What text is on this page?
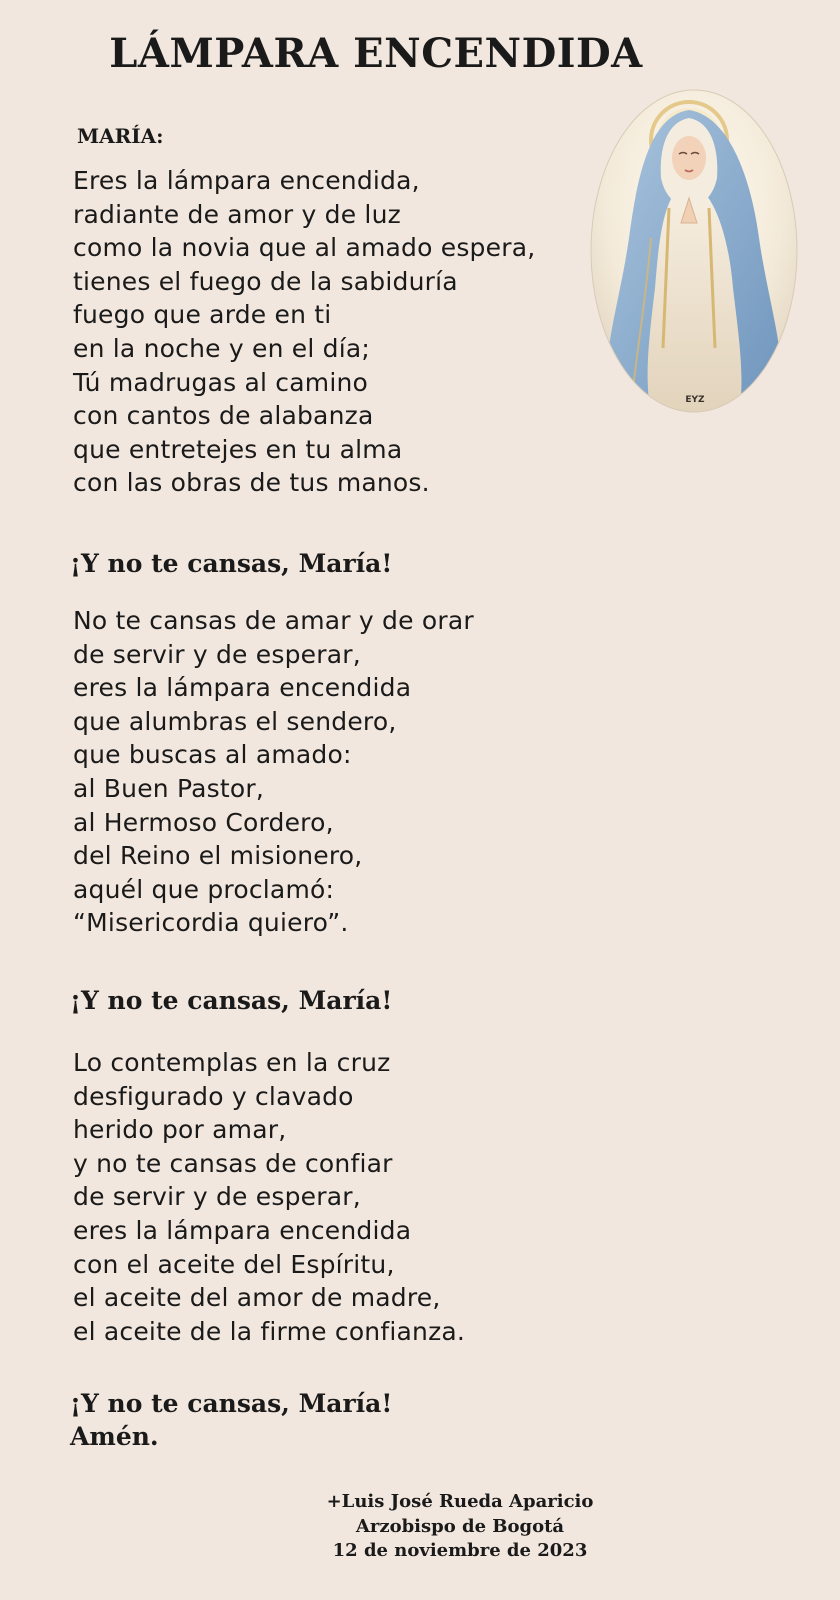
LÁMPARA ENCENDIDA
MARÍA:
Eres la lámpara encendida,
radiante de amor y de luz
como la novia que al amado espera,
tienes el fuego de la sabiduría
fuego que arde en ti
en la noche y en el día;
Tú madrugas al camino
con cantos de alabanza
que entretejes en tu alma
con las obras de tus manos.
¡Y no te cansas, María!
No te cansas de amar y de orar
de servir y de esperar,
eres la lámpara encendida
que alumbras el sendero,
que buscas al amado:
al Buen Pastor,
al Hermoso Cordero,
del Reino el misionero,
aquél que proclamó:
“Misericordia quiero”.
¡Y no te cansas, María!
Lo contemplas en la cruz
desfigurado y clavado
herido por amar,
y no te cansas de confiar
de servir y de esperar,
eres la lámpara encendida
con el aceite del Espíritu,
el aceite del amor de madre,
el aceite de la firme confianza.
¡Y no te cansas, María!
Amén.
+Luis José Rueda Aparicio
Arzobispo de Bogotá
12 de noviembre de 2023
EYZ
